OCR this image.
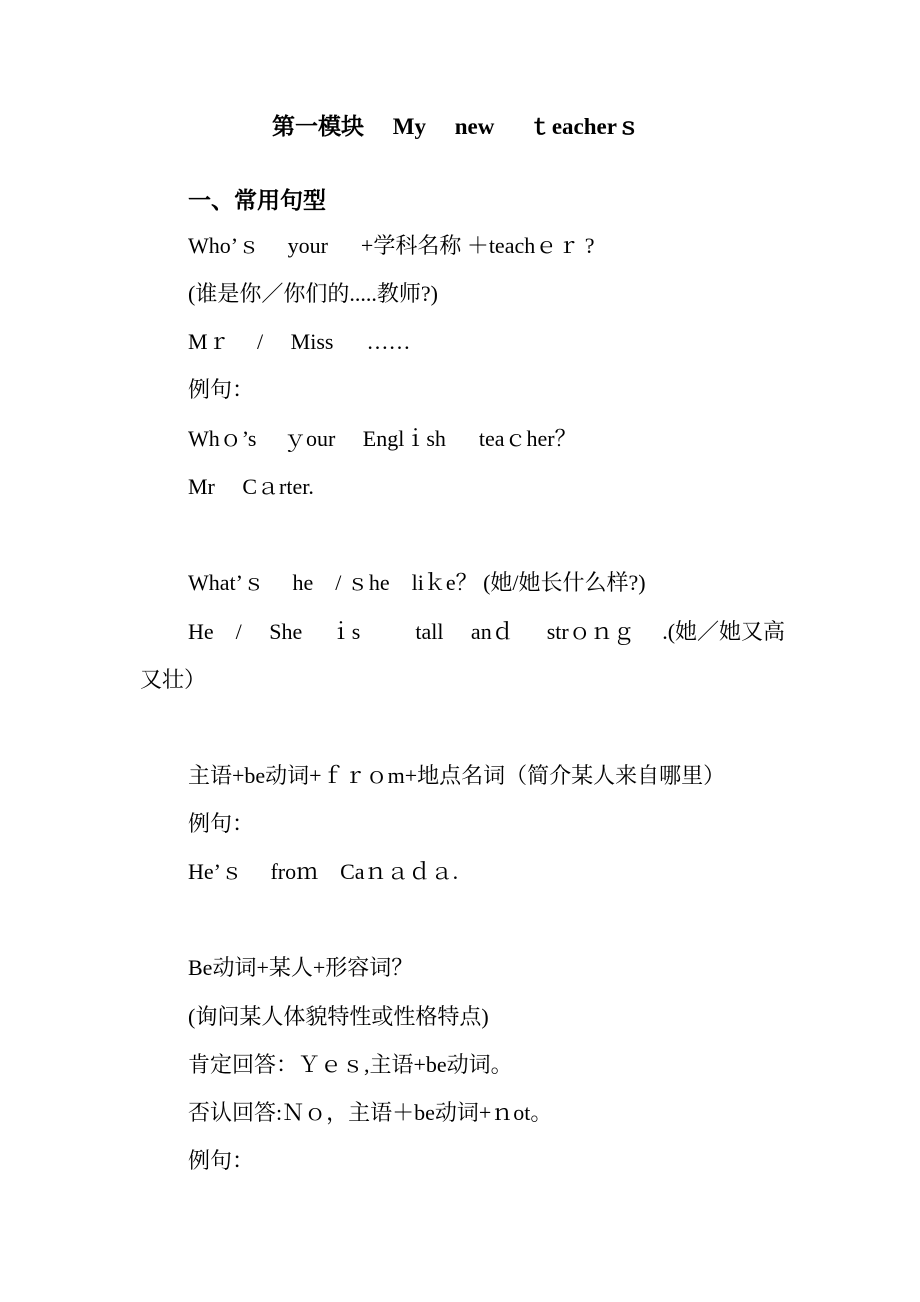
第一模块　 My 　new 　 ｔeacherｓ
一、常用句型

Who’ｓ 　your 　 +学科名称 ＋teachｅｒ ?

(谁是你／你们的.....教师?)

Mｒ 　/ 　Miss 　 ……

例句：

Whｏ’s 　ｙour 　Englｉsh 　 teaｃher？

Mr 　Cａrter.

What’ｓ　 he　/ ｓhe　liｋe？ (她/她长什么样?)

He　/ 　She 　ｉs 　 　tall 　anｄ 　 strｏｎｇ　 .(她／她又高又壮）

主语+be动词+ｆｒｏm+地点名词（简介某人来自哪里）

例句：

He’ｓ 　froｍ　Caｎａｄａ.

Be动词+某人+形容词？

(询问某人体貌特性或性格特点)

肯定回答：Ｙｅｓ,主语+be动词。

否认回答:Ｎｏ，主语＋be动词+ｎot。

例句：
